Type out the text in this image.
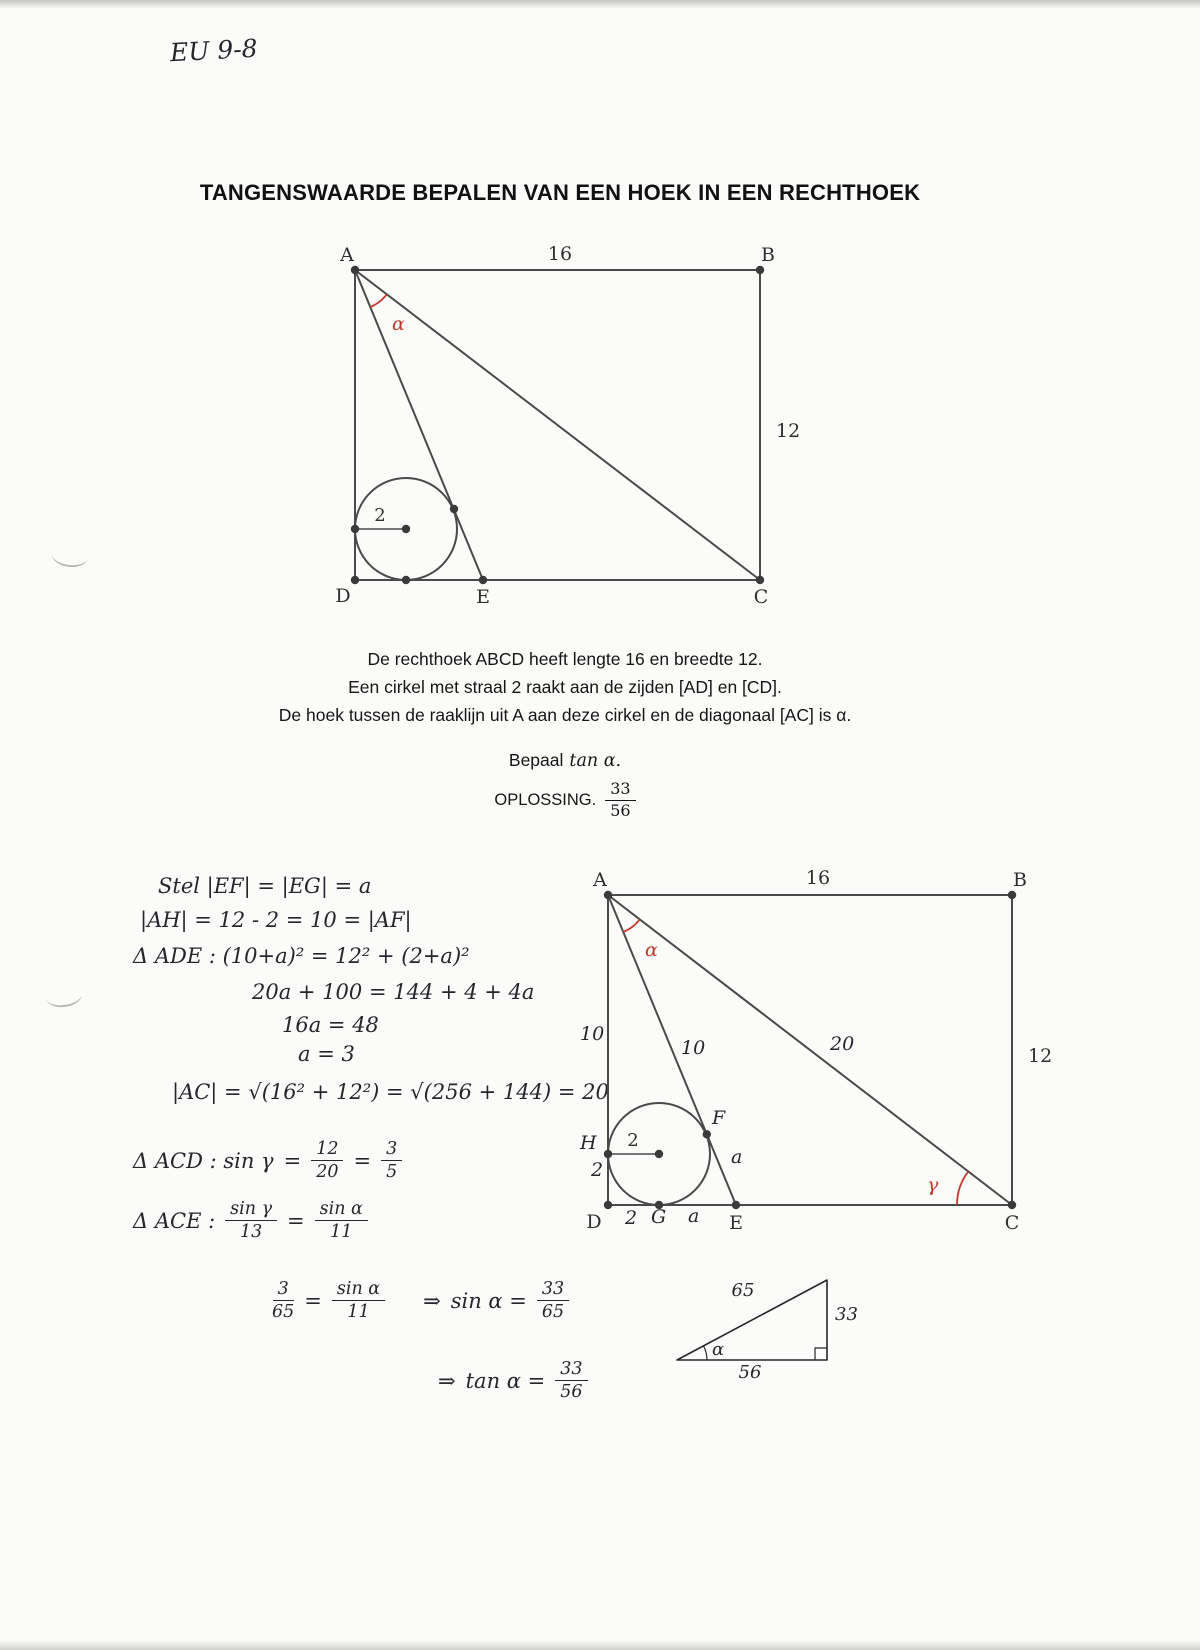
EU 9-8
TANGENSWAARDE BEPALEN VAN EEN HOEK IN EEN RECHTHOEK
A	B
16
12
D	E	C
2
α
De rechthoek ABCD heeft lengte 16 en breedte 12.
Een cirkel met straal 2 raakt aan de zijden [AD] en [CD].
De hoek tussen de raaklijn uit A aan deze cirkel en de diagonaal [AC] is α.
Bepaal tan α.
OPLOSSING. $\frac{33}{56}$
Stel |EF| = |EG| = a
|AH| = 12 - 2 = 10 = |AF|
Δ ADE : (10+a)² = 12² + (2+a)²
20a + 100 = 144 + 4 + 4a
16a = 48
a = 3
|AC| = √(16² + 12²) = √(256 + 144) = 20
Δ ACD : $\sin \gamma = \frac{12}{20} = \frac{3}{5}$
Δ ACE : $\frac{\text{sin γ}}{13} = \frac{\text{sin α}}{11}$
$\frac{3}{65} = \frac{\text{sin α}}{11}$ ⇒ $\sin \alpha = \frac{33}{65}$
⇒ $\tan \alpha = \frac{33}{56}$
A	B
16
12
D	E	C
2
α
γ
10
10	20
H
F
a
2
2 G a
65
33
56
α
